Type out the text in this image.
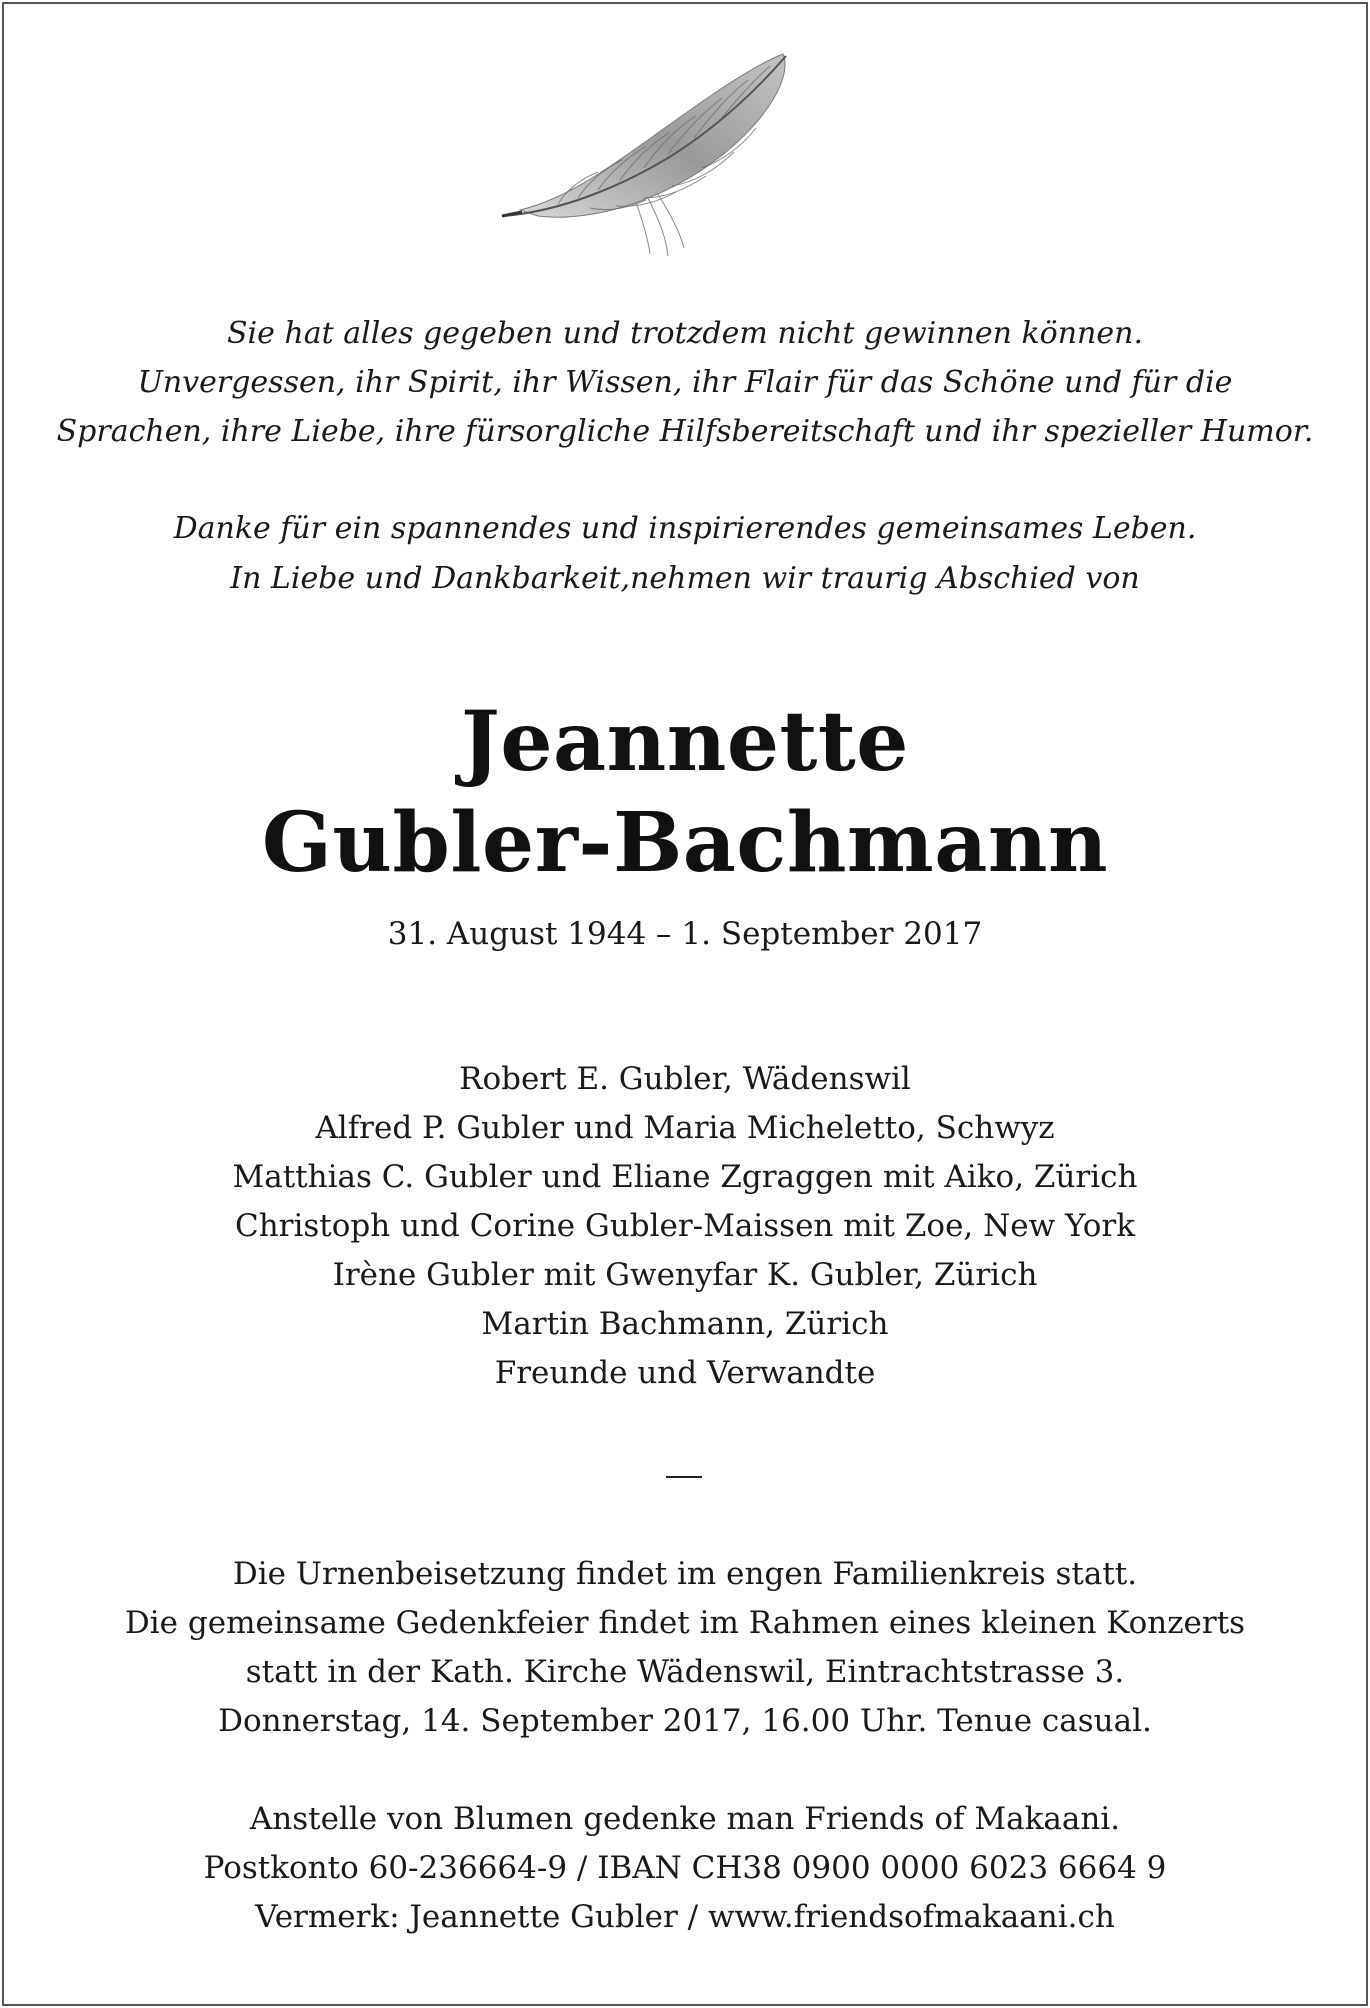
Sie hat alles gegeben und trotzdem nicht gewinnen können.
Unvergessen, ihr Spirit, ihr Wissen, ihr Flair für das Schöne und für die
Sprachen, ihre Liebe, ihre fürsorgliche Hilfsbereitschaft und ihr spezieller Humor.
Danke für ein spannendes und inspirierendes gemeinsames Leben.
In Liebe und Dankbarkeit,nehmen wir traurig Abschied von
Jeannette
Gubler-Bachmann
31. August 1944 – 1. September 2017
Robert E. Gubler, Wädenswil
Alfred P. Gubler und Maria Micheletto, Schwyz
Matthias C. Gubler und Eliane Zgraggen mit Aiko, Zürich
Christoph und Corine Gubler-Maissen mit Zoe, New York
Irène Gubler mit Gwenyfar K. Gubler, Zürich
Martin Bachmann, Zürich
Freunde und Verwandte
Die Urnenbeisetzung findet im engen Familienkreis statt.
Die gemeinsame Gedenkfeier findet im Rahmen eines kleinen Konzerts
statt in der Kath. Kirche Wädenswil, Eintrachtstrasse 3.
Donnerstag, 14. September 2017, 16.00 Uhr. Tenue casual.
Anstelle von Blumen gedenke man Friends of Makaani.
Postkonto 60-236664-9 / IBAN CH38 0900 0000 6023 6664 9
Vermerk: Jeannette Gubler / www.friendsofmakaani.ch
